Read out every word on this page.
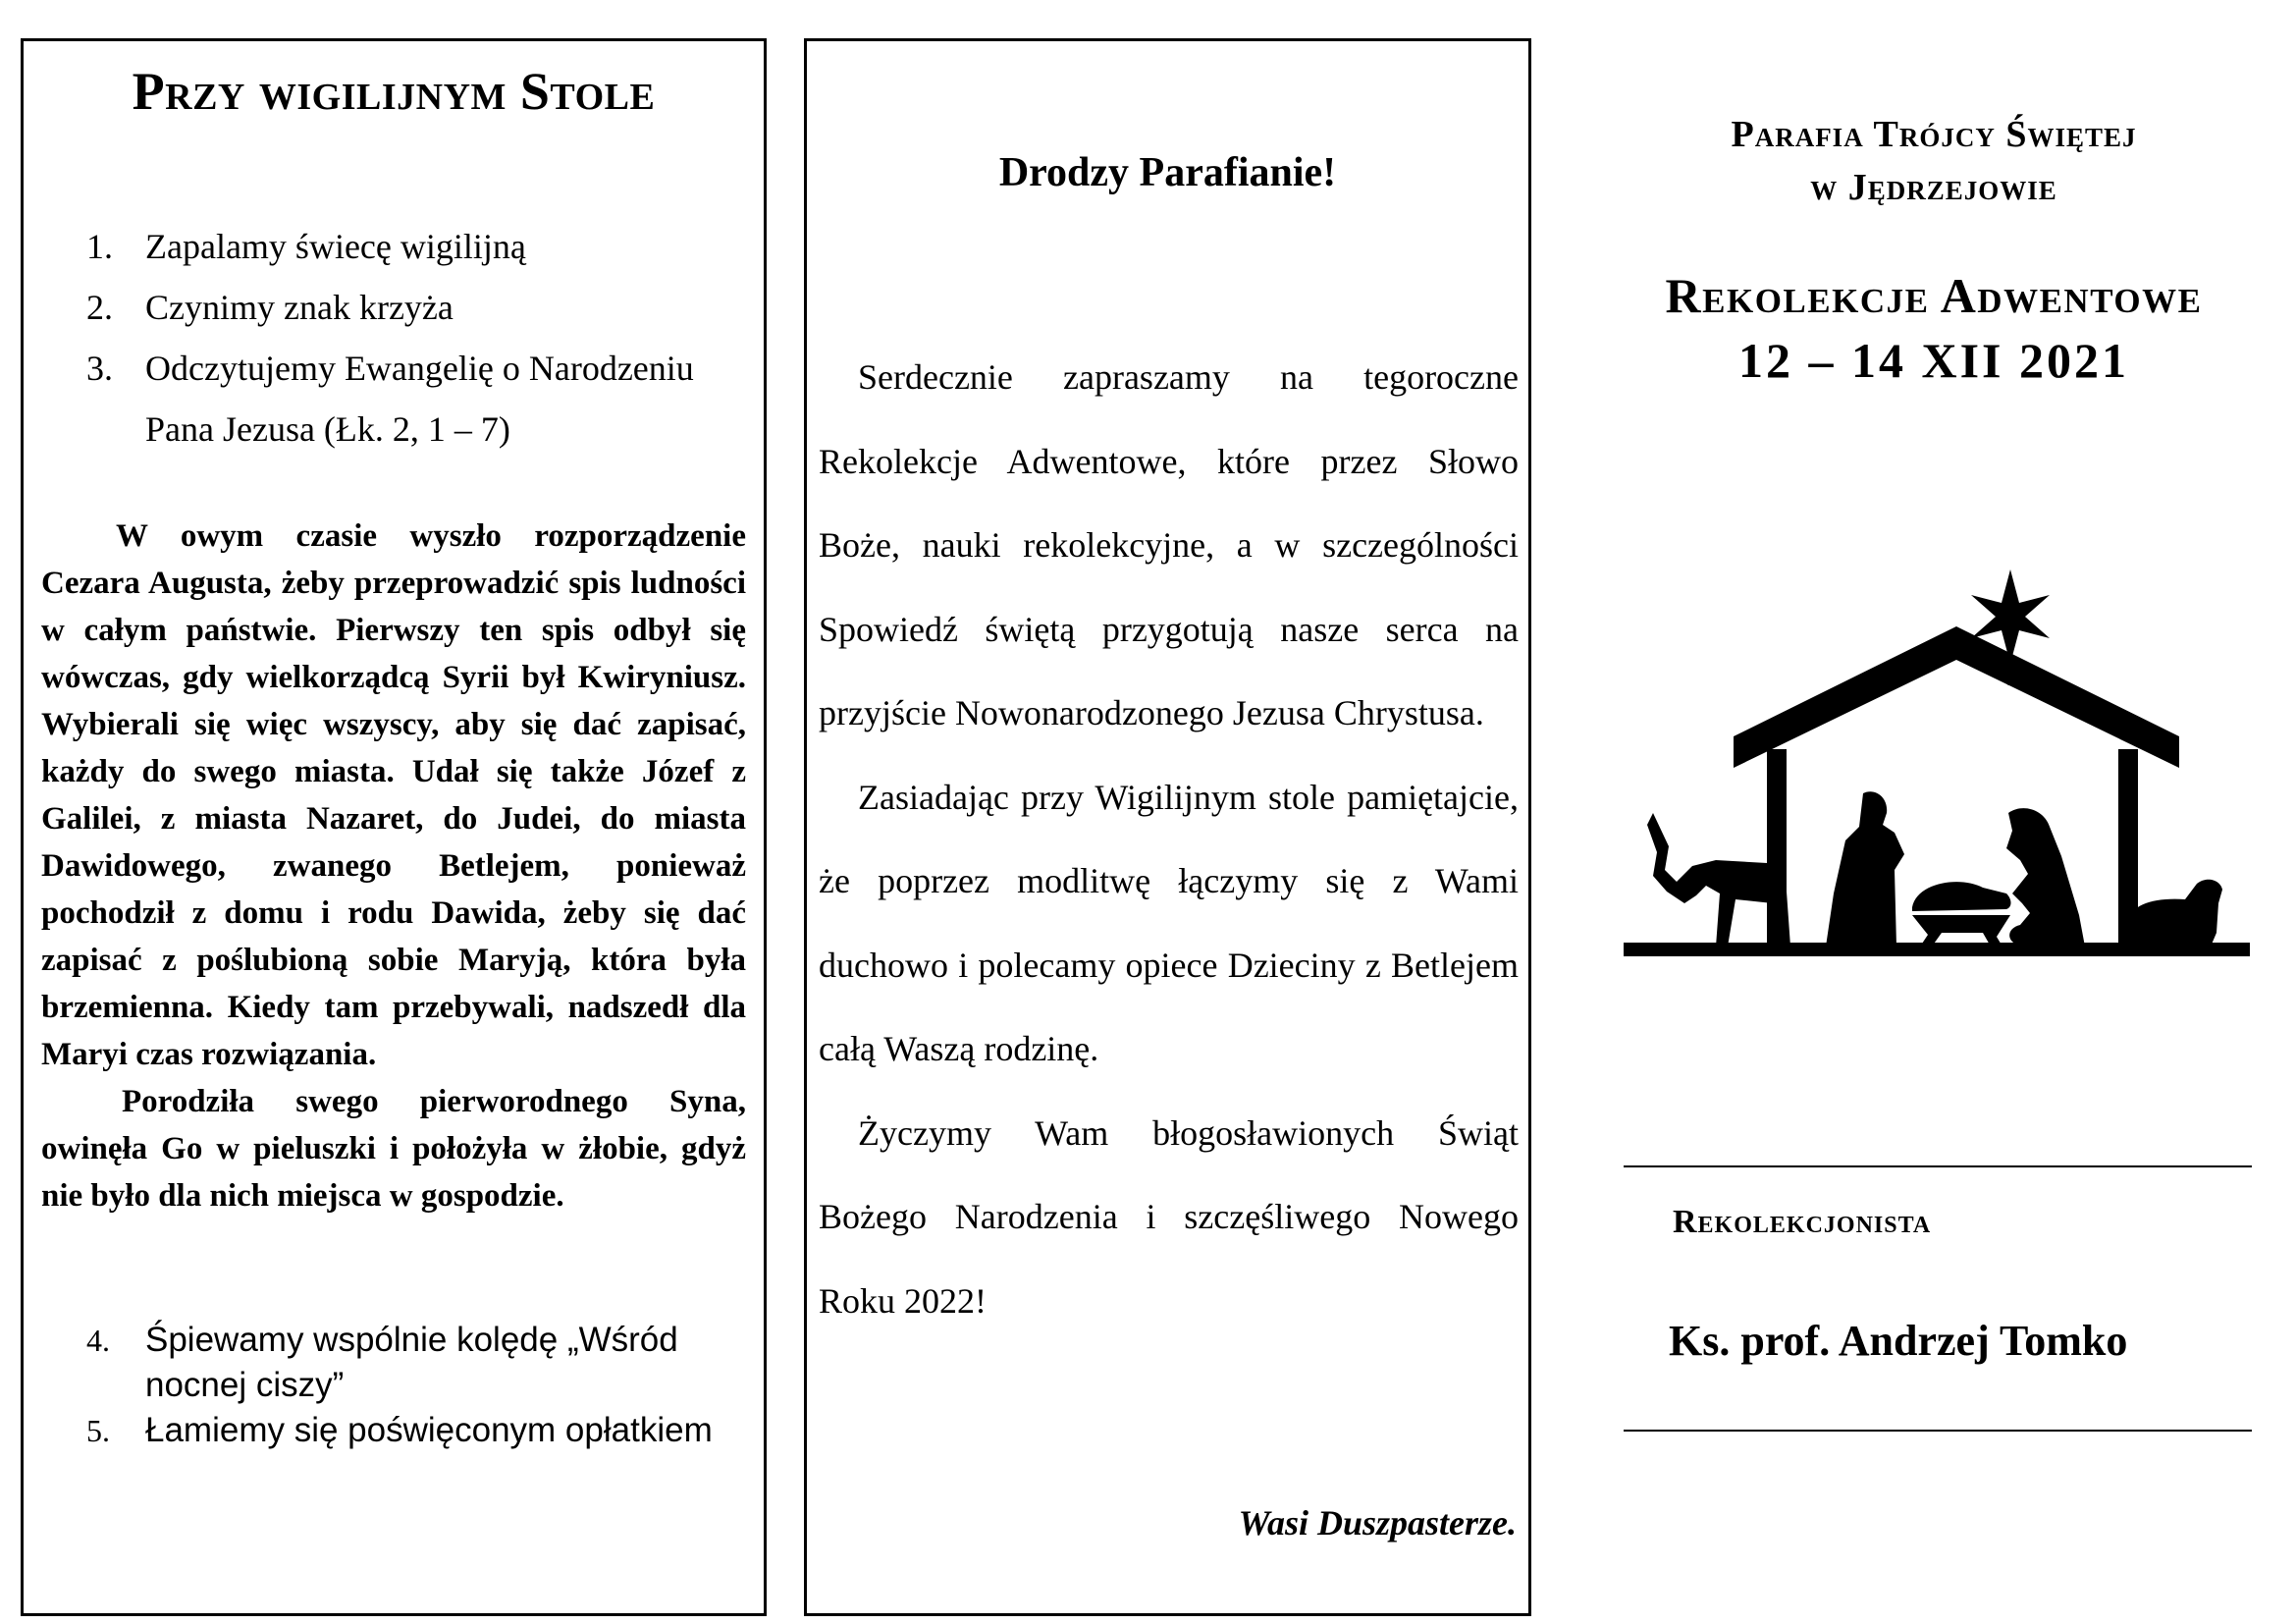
Przy wigilijnym Stole
1. Zapalamy świecę wigilijną
2. Czynimy znak krzyża
3. Odczytujemy Ewangelię o Narodzeniu Pana Jezusa (Łk. 2, 1 – 7)

W owym czasie wyszło rozporządzenie Cezara Augusta, żeby przeprowadzić spis ludności w całym państwie. Pierwszy ten spis odbył się wówczas, gdy wielkorządcą Syrii był Kwiryniusz. Wybierali się więc wszyscy, aby się dać zapisać, każdy do swego miasta. Udał się także Józef z Galilei, z miasta Nazaret, do Judei, do miasta Dawidowego, zwanego Betlejem, ponieważ pochodził z domu i rodu Dawida, żeby się dać zapisać z poślubioną sobie Maryją, która była brzemienna. Kiedy tam przebywali, nadszedł dla Maryi czas rozwiązania.

Porodziła swego pierworodnego Syna, owinęła Go w pieluszki i położyła w żłobie, gdyż nie było dla nich miejsca w gospodzie.

4.	Śpiewamy wspólnie kolędę „Wśród nocnej ciszy”
5.	Łamiemy się poświęconym opłatkiem
Drodzy Parafianie!

Serdecznie zapraszamy na tegoroczne Rekolekcje Adwentowe, które przez Słowo Boże, nauki rekolekcyjne, a w szczególności Spowiedź świętą przygotują nasze serca na przyjście Nowonarodzonego Jezusa Chrystusa.

Zasiadając przy Wigilijnym stole pamiętajcie, że poprzez modlitwę łączymy się z Wami duchowo i polecamy opiece Dzieciny z Betlejem całą Waszą rodzinę.

Życzymy Wam błogosławionych Świąt Bożego Narodzenia i szczęśliwego Nowego Roku 2022!

Wasi Duszpasterze.
Parafia Trójcy Świętej
w Jędrzejowie
Rekolekcje Adwentowe
12 – 14 XII 2021
Rekolekcjonista
Ks. prof. Andrzej Tomko
